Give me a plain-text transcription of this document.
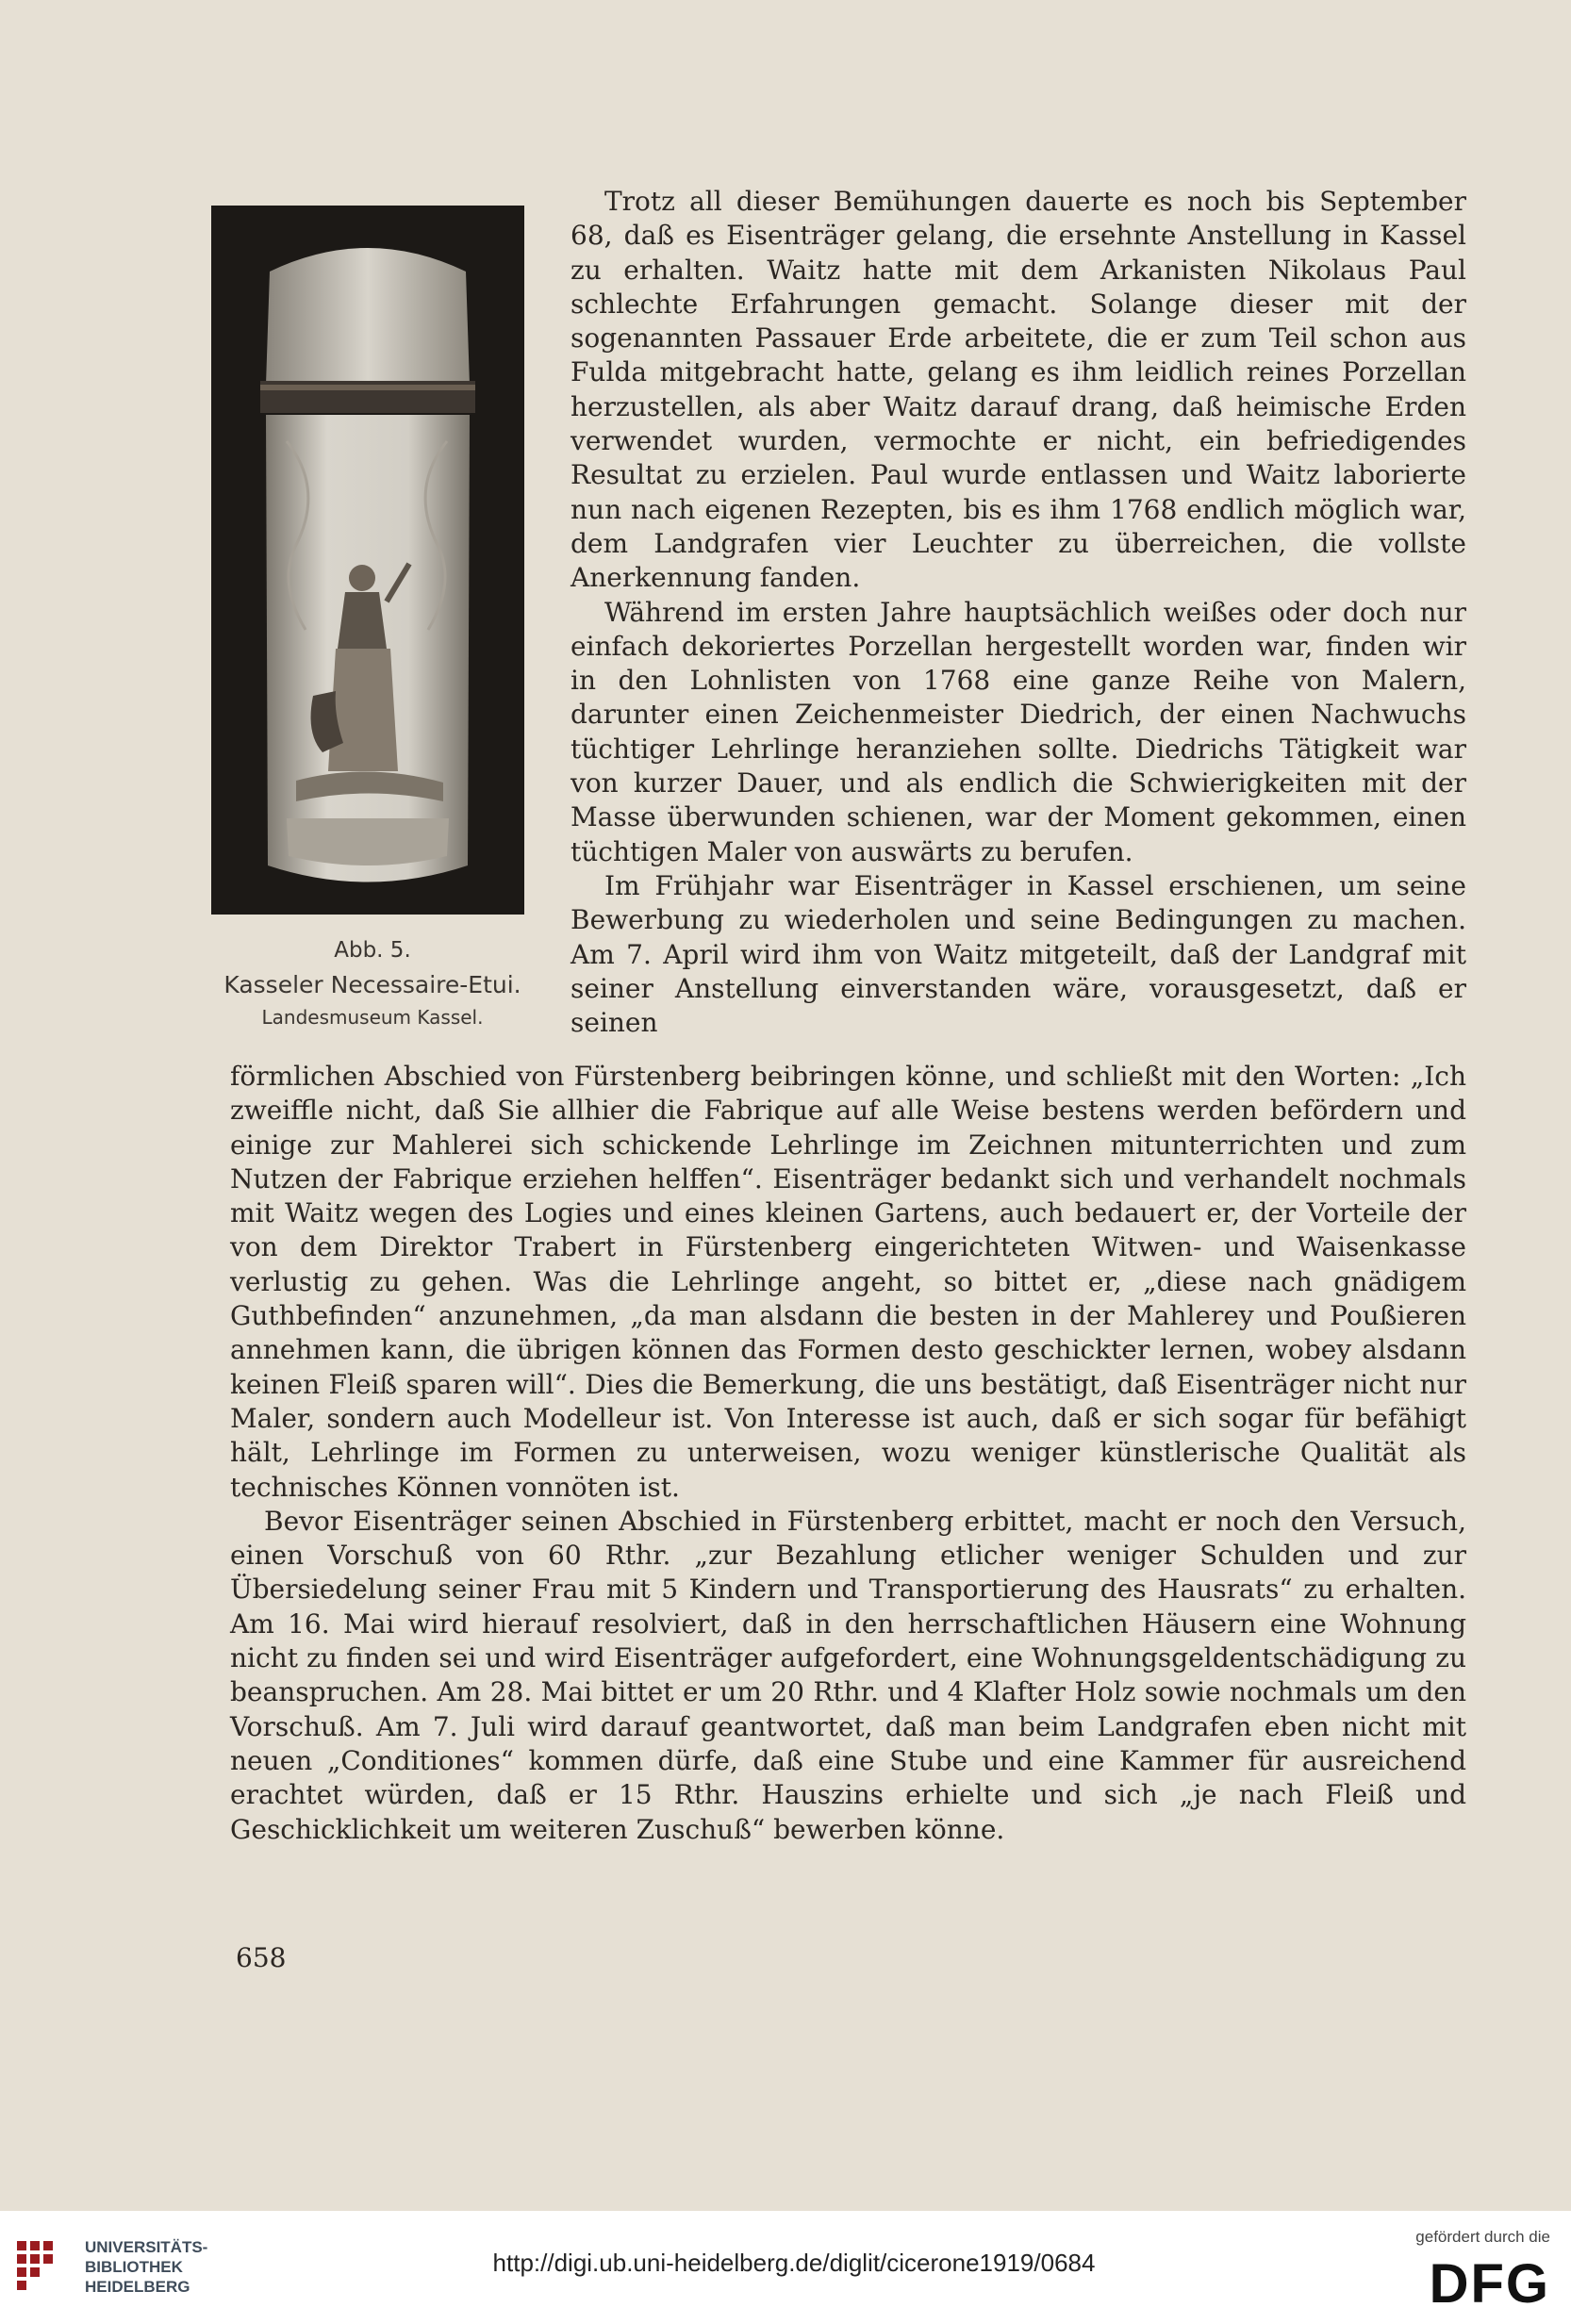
Abb. 5.
Kasseler Necessaire-Etui.
Landesmuseum Kassel.

Trotz all dieser Bemühungen dauerte es noch bis September 68, daß es Eisenträger gelang, die ersehnte Anstellung in Kassel zu erhalten. Waitz hatte mit dem Arkanisten Nikolaus Paul schlechte Erfahrungen gemacht. Solange dieser mit der sogenannten Passauer Erde arbeitete, die er zum Teil schon aus Fulda mitgebracht hatte, gelang es ihm leidlich reines Porzellan herzustellen, als aber Waitz darauf drang, daß heimische Erden verwendet wurden, vermochte er nicht, ein befriedigendes Resultat zu erzielen. Paul wurde entlassen und Waitz laborierte nun nach eigenen Rezepten, bis es ihm 1768 endlich möglich war, dem Landgrafen vier Leuchter zu überreichen, die vollste Anerkennung fanden.

Während im ersten Jahre hauptsächlich weißes oder doch nur einfach dekoriertes Porzellan hergestellt worden war, finden wir in den Lohnlisten von 1768 eine ganze Reihe von Malern, darunter einen Zeichenmeister Diedrich, der einen Nachwuchs tüchtiger Lehrlinge heranziehen sollte. Diedrichs Tätigkeit war von kurzer Dauer, und als endlich die Schwierigkeiten mit der Masse überwunden schienen, war der Moment gekommen, einen tüchtigen Maler von auswärts zu berufen.

Im Frühjahr war Eisenträger in Kassel erschienen, um seine Bewerbung zu wiederholen und seine Bedingungen zu machen. Am 7. April wird ihm von Waitz mitgeteilt, daß der Landgraf mit seiner Anstellung einverstanden wäre, vorausgesetzt, daß er seinen

förmlichen Abschied von Fürstenberg beibringen könne, und schließt mit den Worten: „Ich zweiffle nicht, daß Sie allhier die Fabrique auf alle Weise bestens werden befördern und einige zur Mahlerei sich schickende Lehrlinge im Zeichnen mitunterrichten und zum Nutzen der Fabrique erziehen helffen“. Eisenträger bedankt sich und verhandelt nochmals mit Waitz wegen des Logies und eines kleinen Gartens, auch bedauert er, der Vorteile der von dem Direktor Trabert in Fürstenberg eingerichteten Witwen- und Waisenkasse verlustig zu gehen. Was die Lehrlinge angeht, so bittet er, „diese nach gnädigem Guthbefinden“ anzunehmen, „da man alsdann die besten in der Mahlerey und Poußieren annehmen kann, die übrigen können das Formen desto geschickter lernen, wobey alsdann keinen Fleiß sparen will“. Dies die Bemerkung, die uns bestätigt, daß Eisenträger nicht nur Maler, sondern auch Modelleur ist. Von Interesse ist auch, daß er sich sogar für befähigt hält, Lehrlinge im Formen zu unterweisen, wozu weniger künstlerische Qualität als technisches Können vonnöten ist.

Bevor Eisenträger seinen Abschied in Fürstenberg erbittet, macht er noch den Versuch, einen Vorschuß von 60 Rthr. „zur Bezahlung etlicher weniger Schulden und zur Übersiedelung seiner Frau mit 5 Kindern und Transportierung des Hausrats“ zu erhalten. Am 16. Mai wird hierauf resolviert, daß in den herrschaftlichen Häusern eine Wohnung nicht zu finden sei und wird Eisenträger aufgefordert, eine Wohnungsgeldentschädigung zu beanspruchen. Am 28. Mai bittet er um 20 Rthr. und 4 Klafter Holz sowie nochmals um den Vorschuß. Am 7. Juli wird darauf geantwortet, daß man beim Landgrafen eben nicht mit neuen „Conditiones“ kommen dürfe, daß eine Stube und eine Kammer für ausreichend erachtet würden, daß er 15 Rthr. Hauszins erhielte und sich „je nach Fleiß und Geschicklichkeit um weiteren Zuschuß“ bewerben könne.

658
UNIVERSITÄTS-
BIBLIOTHEK
HEIDELBERG
http://digi.ub.uni-heidelberg.de/diglit/cicerone1919/0684
gefördert durch die
DFG
